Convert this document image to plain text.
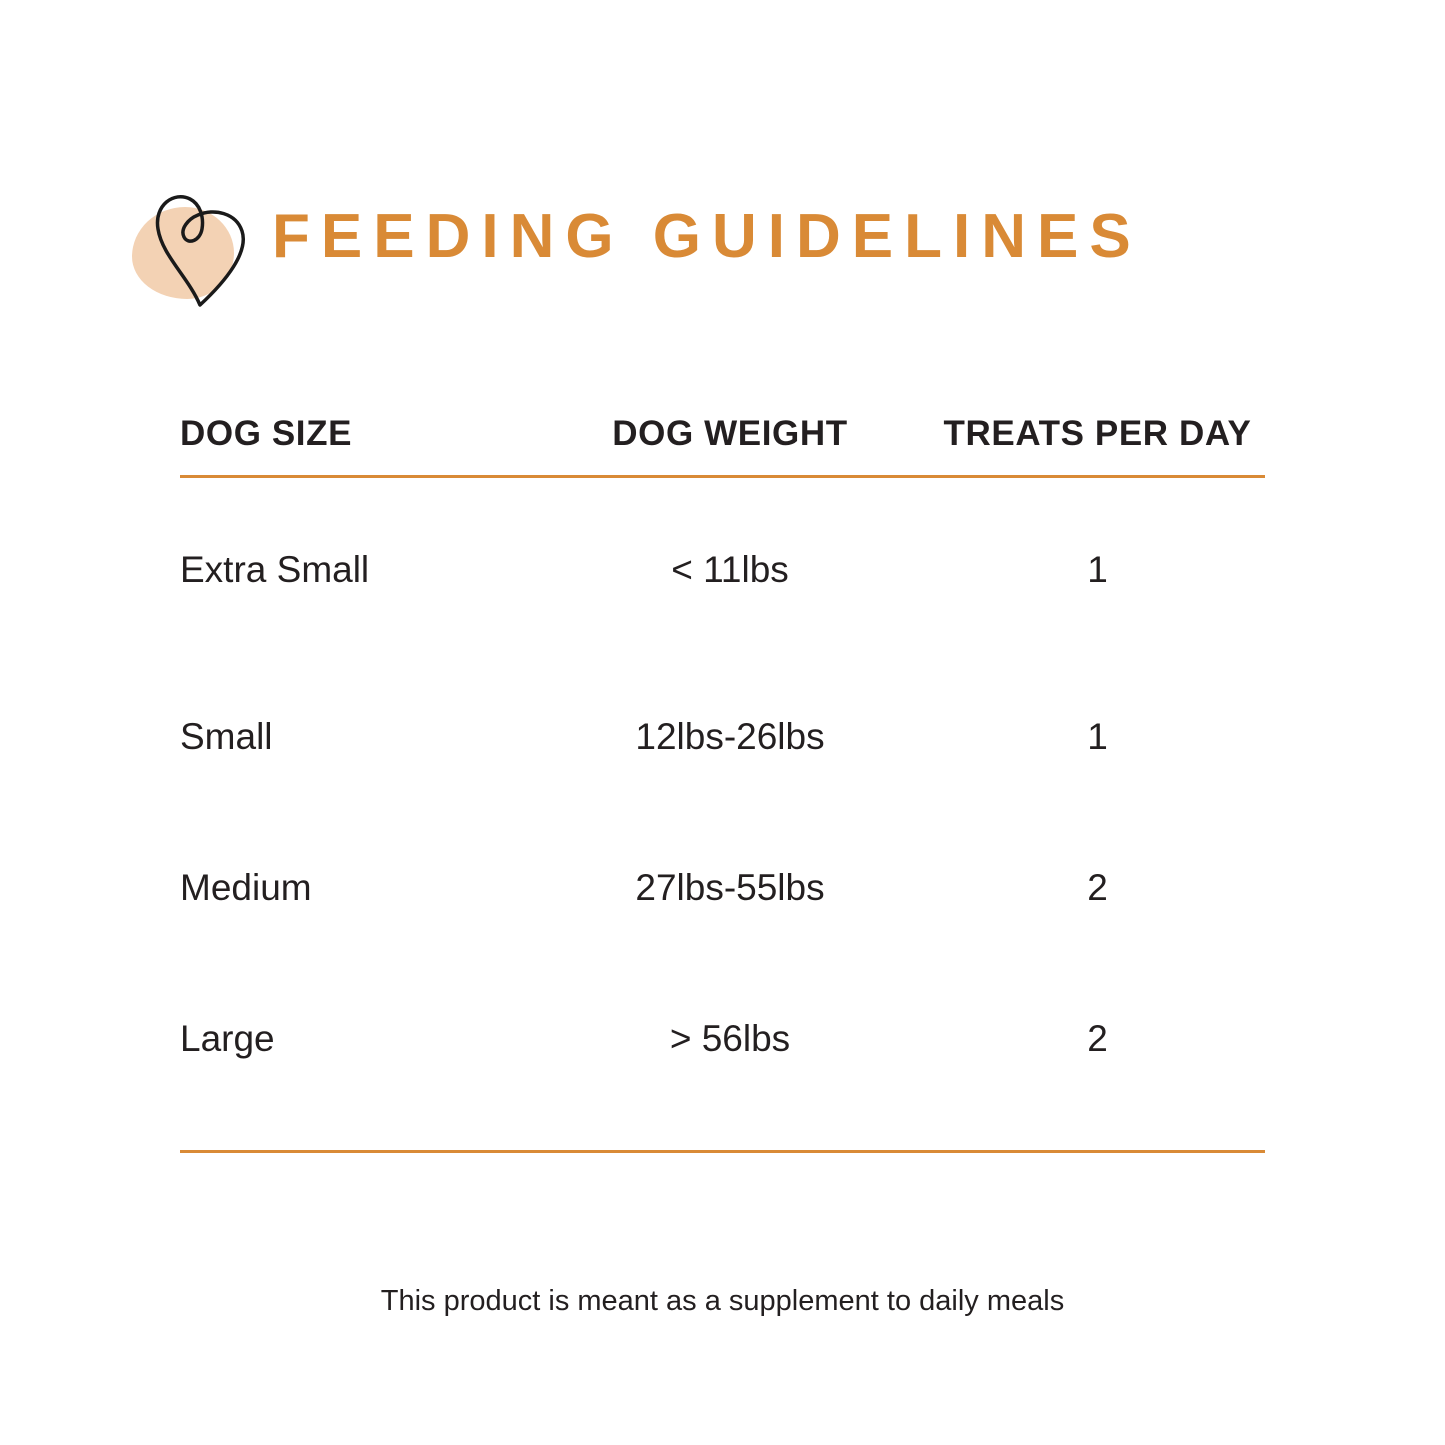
FEEDING GUIDELINES
DOG SIZE	DOG WEIGHT	TREATS PER DAY
Extra Small	< 11lbs	1
Small	12lbs-26lbs	1
Medium	27lbs-55lbs	2
Large	> 56lbs	2
This product is meant as a supplement to daily meals
